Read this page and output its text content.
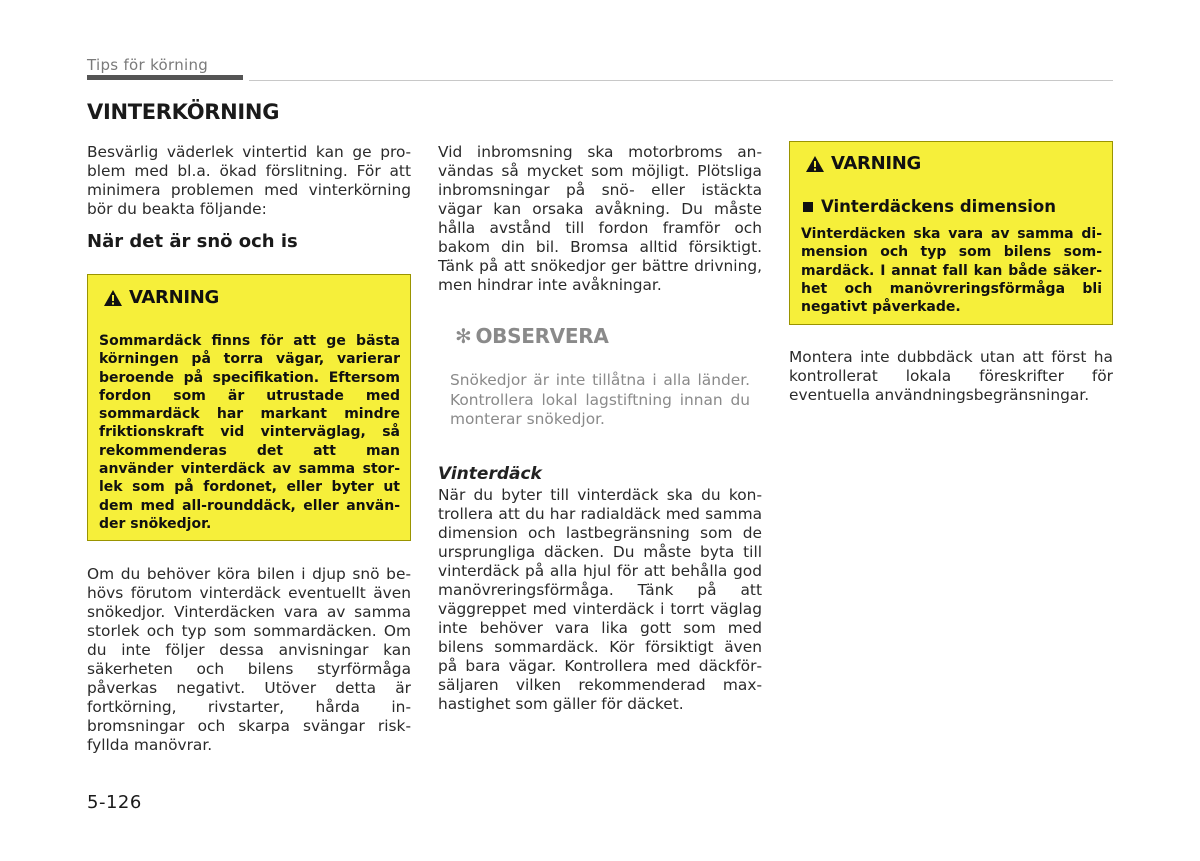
Tips för körning
VINTERKÖRNING

Besvärlig väderlek vintertid kan ge problem med bl.a. ökad förslitning. För att minimera problemen med vinterkörning bör du beakta följande:

När det är snö och is
VARNING

Sommardäck finns för att ge bästa körningen på torra vägar, varierar beroende på specifikation. Eftersom fordon som är utrustade med sommardäck har markant mindre friktionskraft vid vinterväglag, så rekommenderas det att man använder vinterdäck av samma storlek som på fordonet, eller byter ut dem med all-rounddäck, eller använder snökedjor.

Om du behöver köra bilen i djup snö behövs förutom vinterdäck eventuellt även snökedjor. Vinterdäcken vara av samma storlek och typ som sommardäcken. Om du inte följer dessa anvisningar kan säkerheten och bilens styrförmåga påverkas negativt. Utöver detta är fortkörning, rivstarter, hårda inbromsningar och skarpa svängar riskfyllda manövrar.

Vid inbromsning ska motorbroms användas så mycket som möjligt. Plötsliga inbromsningar på snö- eller istäckta vägar kan orsaka avåkning. Du måste hålla avstånd till fordon framför och bakom din bil. Bromsa alltid försiktigt. Tänk på att snökedjor ger bättre drivning, men hindrar inte avåkningar.

✻ OBSERVERA

Snökedjor är inte tillåtna i alla länder. Kontrollera lokal lagstiftning innan du monterar snökedjor.

Vinterdäck

När du byter till vinterdäck ska du kontrollera att du har radialdäck med samma dimension och lastbegränsning som de ursprungliga däcken. Du måste byta till vinterdäck på alla hjul för att behålla god manövreringsförmåga. Tänk på att väggreppet med vinterdäck i torrt väglag inte behöver vara lika gott som med bilens sommardäck. Kör försiktigt även på bara vägar. Kontrollera med däckförsäljaren vilken rekommenderad maxhastighet som gäller för däcket.

VARNING
Vinterdäckens dimension

Vinterdäcken ska vara av samma dimension och typ som bilens sommardäck. I annat fall kan både säkerhet och manövreringsförmåga bli negativt påverkade.

Montera inte dubbdäck utan att först ha kontrollerat lokala föreskrifter för eventuella användningsbegränsningar.

5-126
